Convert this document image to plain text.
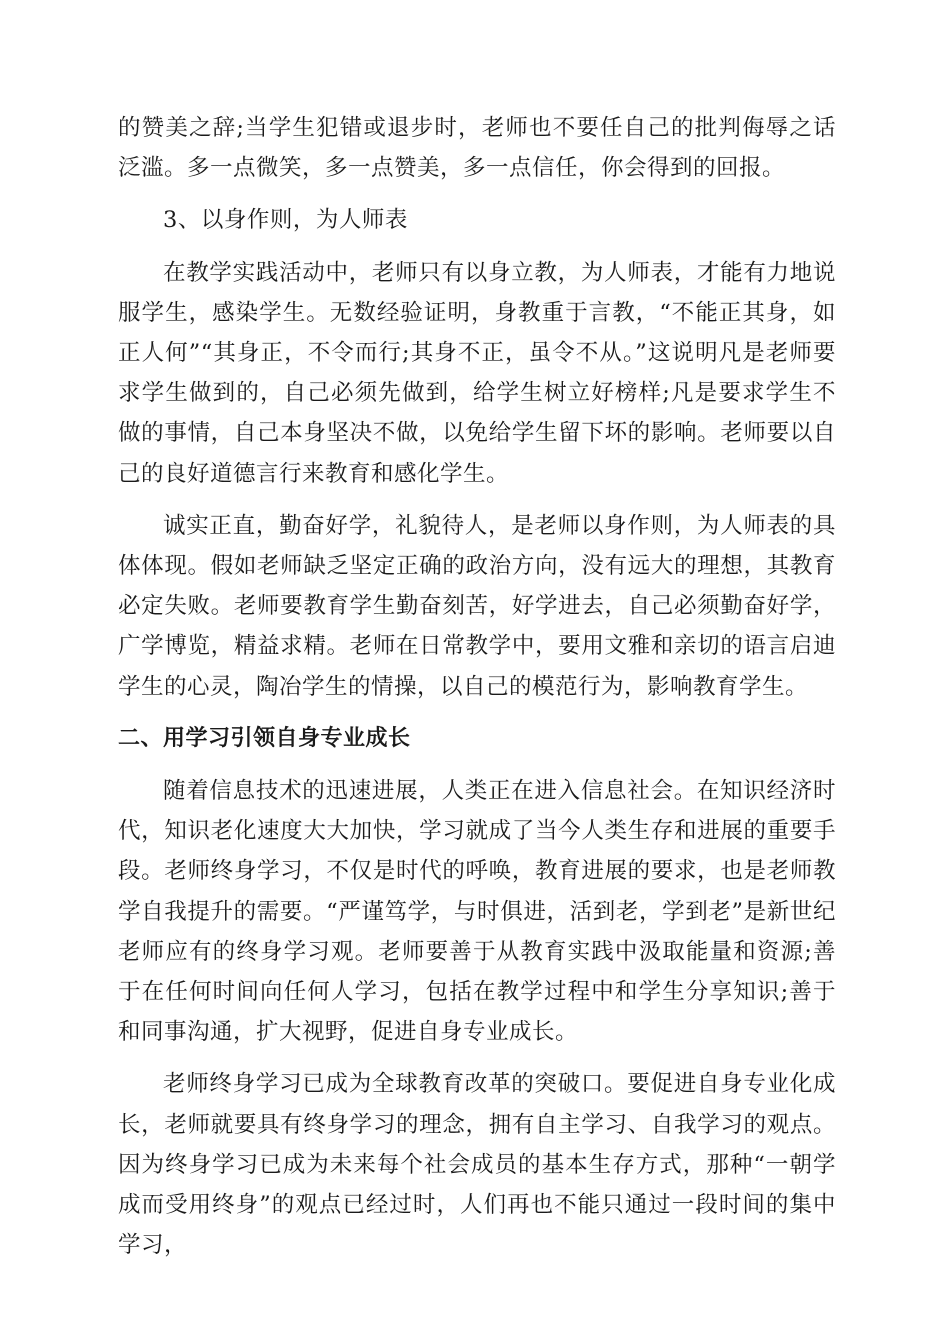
的赞美之辞;当学生犯错或退步时，老师也不要任自己的批判侮辱之话泛滥。多一点微笑，多一点赞美，多一点信任，你会得到的回报。

3、以身作则，为人师表

在教学实践活动中，老师只有以身立教，为人师表，才能有力地说服学生，感染学生。无数经验证明，身教重于言教，“不能正其身，如正人何”“其身正，不令而行;其身不正，虽令不从。”这说明凡是老师要求学生做到的，自己必须先做到，给学生树立好榜样;凡是要求学生不做的事情，自己本身坚决不做，以免给学生留下坏的影响。老师要以自己的良好道德言行来教育和感化学生。

诚实正直，勤奋好学，礼貌待人，是老师以身作则，为人师表的具体体现。假如老师缺乏坚定正确的政治方向，没有远大的理想，其教育必定失败。老师要教育学生勤奋刻苦，好学进去，自己必须勤奋好学，广学博览，精益求精。老师在日常教学中，要用文雅和亲切的语言启迪学生的心灵，陶冶学生的情操，以自己的模范行为，影响教育学生。

二、用学习引领自身专业成长

随着信息技术的迅速进展，人类正在进入信息社会。在知识经济时代，知识老化速度大大加快，学习就成了当今人类生存和进展的重要手段。老师终身学习，不仅是时代的呼唤，教育进展的要求，也是老师教学自我提升的需要。“严谨笃学，与时俱进，活到老，学到老”是新世纪老师应有的终身学习观。老师要善于从教育实践中汲取能量和资源;善于在任何时间向任何人学习，包括在教学过程中和学生分享知识;善于和同事沟通，扩大视野，促进自身专业成长。

老师终身学习已成为全球教育改革的突破口。要促进自身专业化成长，老师就要具有终身学习的理念，拥有自主学习、自我学习的观点。因为终身学习已成为未来每个社会成员的基本生存方式，那种“一朝学成而受用终身”的观点已经过时，人们再也不能只通过一段时间的集中学习，
